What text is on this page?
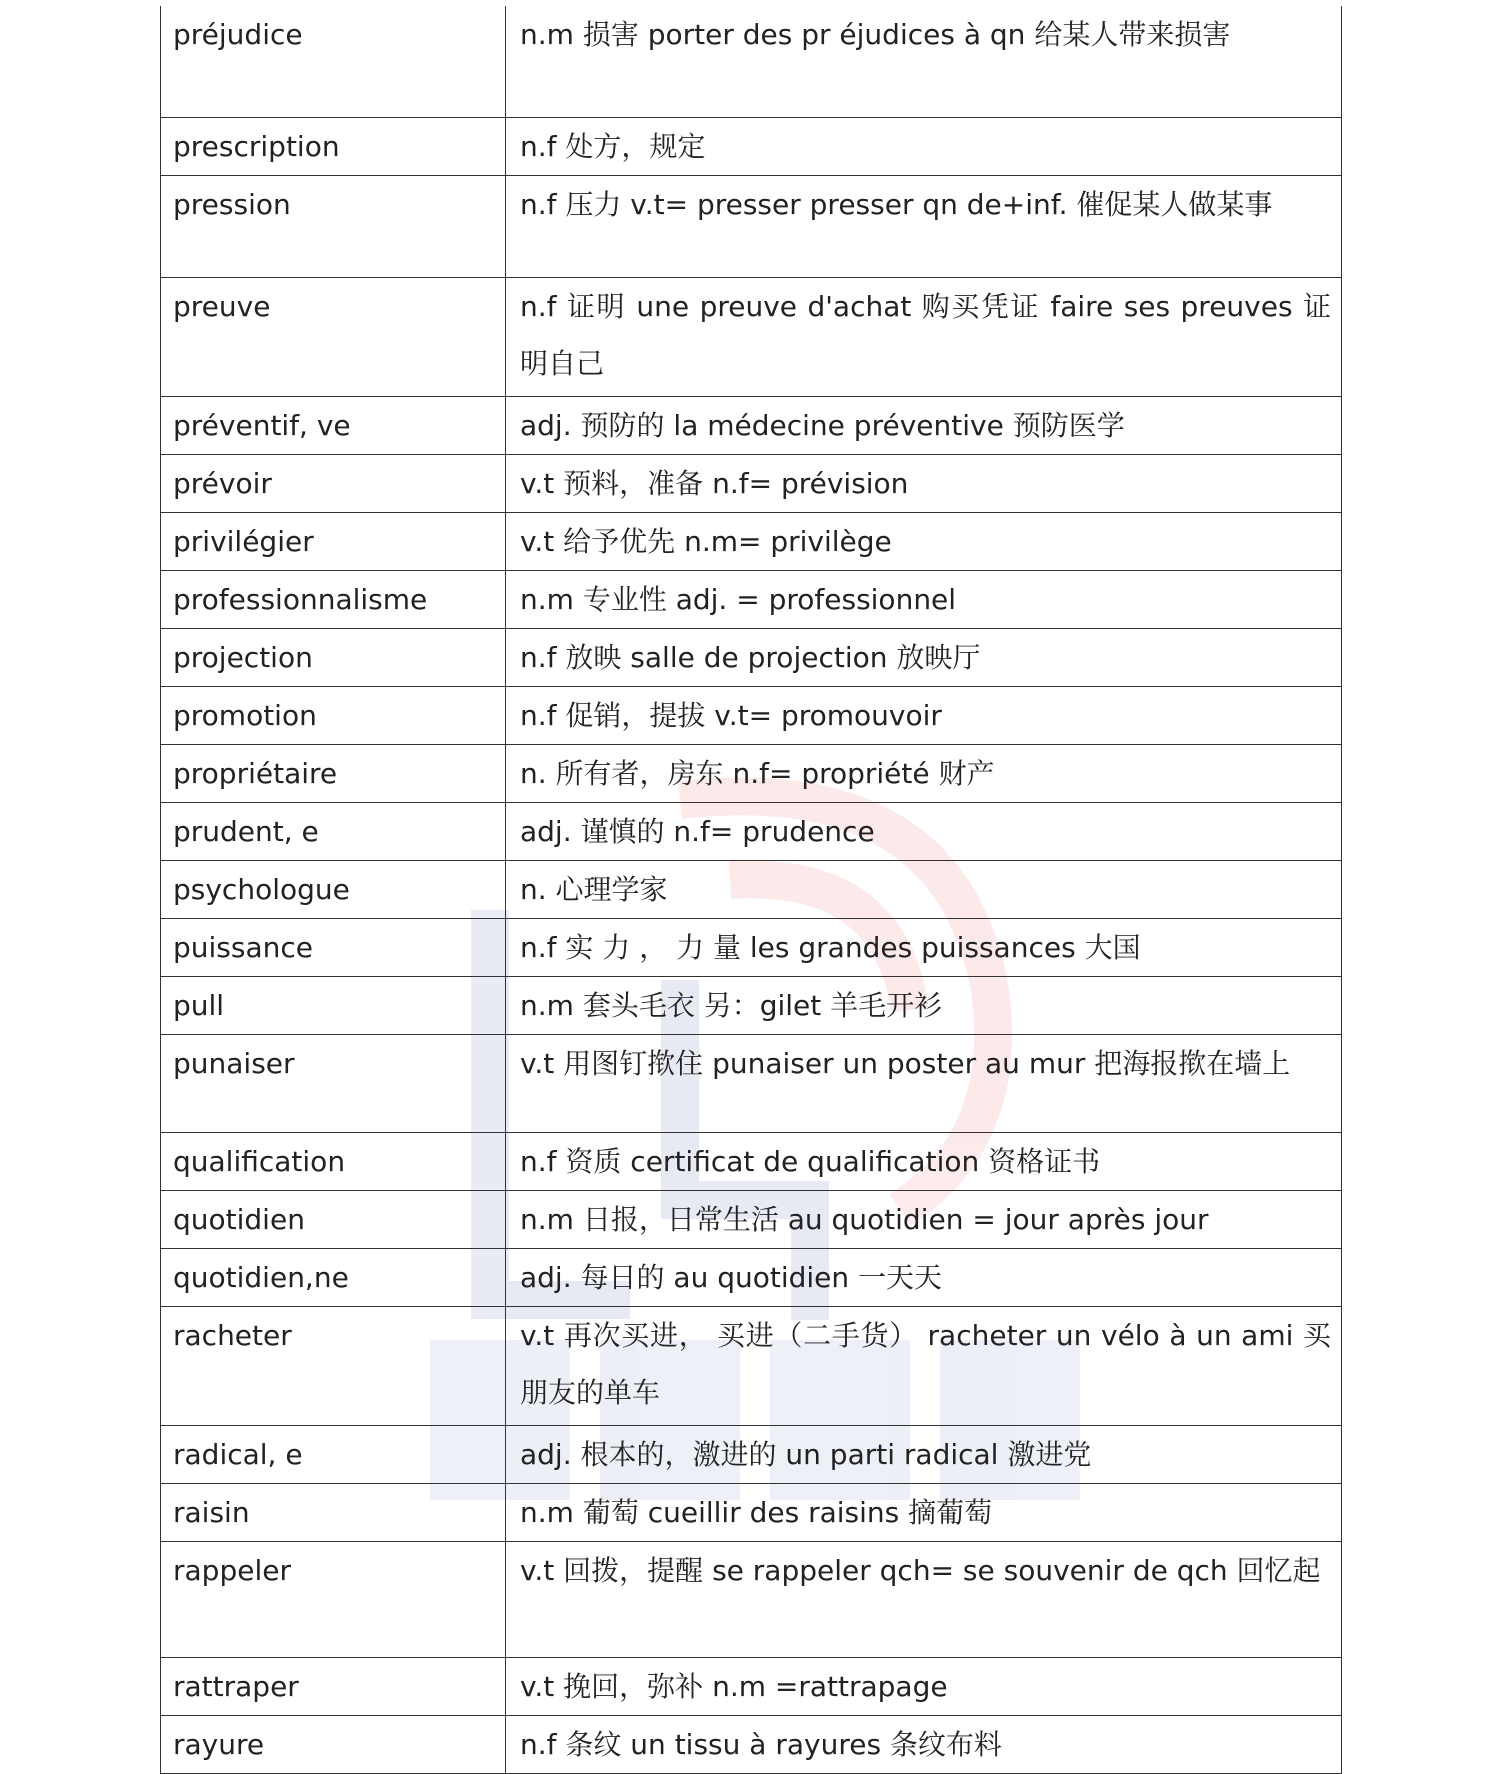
préjudice	n.m 损害 porter des pr éjudices à qn 给某人带来损害
prescription	n.f 处方，规定
pression	n.f 压力 v.t= presser presser qn de+inf. 催促某人做某事
preuve	n.f 证明 une preuve d'achat 购买凭证 faire ses preuves 证明自己
préventif, ve	adj. 预防的 la médecine préventive 预防医学
prévoir	v.t 预料，准备 n.f= prévision
privilégier	v.t 给予优先 n.m= privilège
professionnalisme	n.m 专业性 adj. = professionnel
projection	n.f 放映 salle de projection 放映厅
promotion	n.f 促销，提拔 v.t= promouvoir
propriétaire	n. 所有者，房东 n.f= propriété 财产
prudent, e	adj. 谨慎的 n.f= prudence
psychologue	n. 心理学家
puissance	n.f 实 力 ， 力 量 les grandes puissances 大国
pull	n.m 套头毛衣 另：gilet 羊毛开衫
punaiser	v.t 用图钉揿住 punaiser un poster au mur 把海报揿在墙上
qualification	n.f 资质 certificat de qualification 资格证书
quotidien	n.m 日报，日常生活 au quotidien = jour après jour
quotidien,ne	adj. 每日的 au quotidien 一天天
racheter	v.t 再次买进， 买进（二手货） racheter un vélo à un ami 买朋友的单车
radical, e	adj. 根本的，激进的 un parti radical 激进党
raisin	n.m 葡萄 cueillir des raisins 摘葡萄
rappeler	v.t 回拨，提醒 se rappeler qch= se souvenir de qch 回忆起
rattraper	v.t 挽回，弥补 n.m =rattrapage
rayure	n.f 条纹 un tissu à rayures 条纹布料
